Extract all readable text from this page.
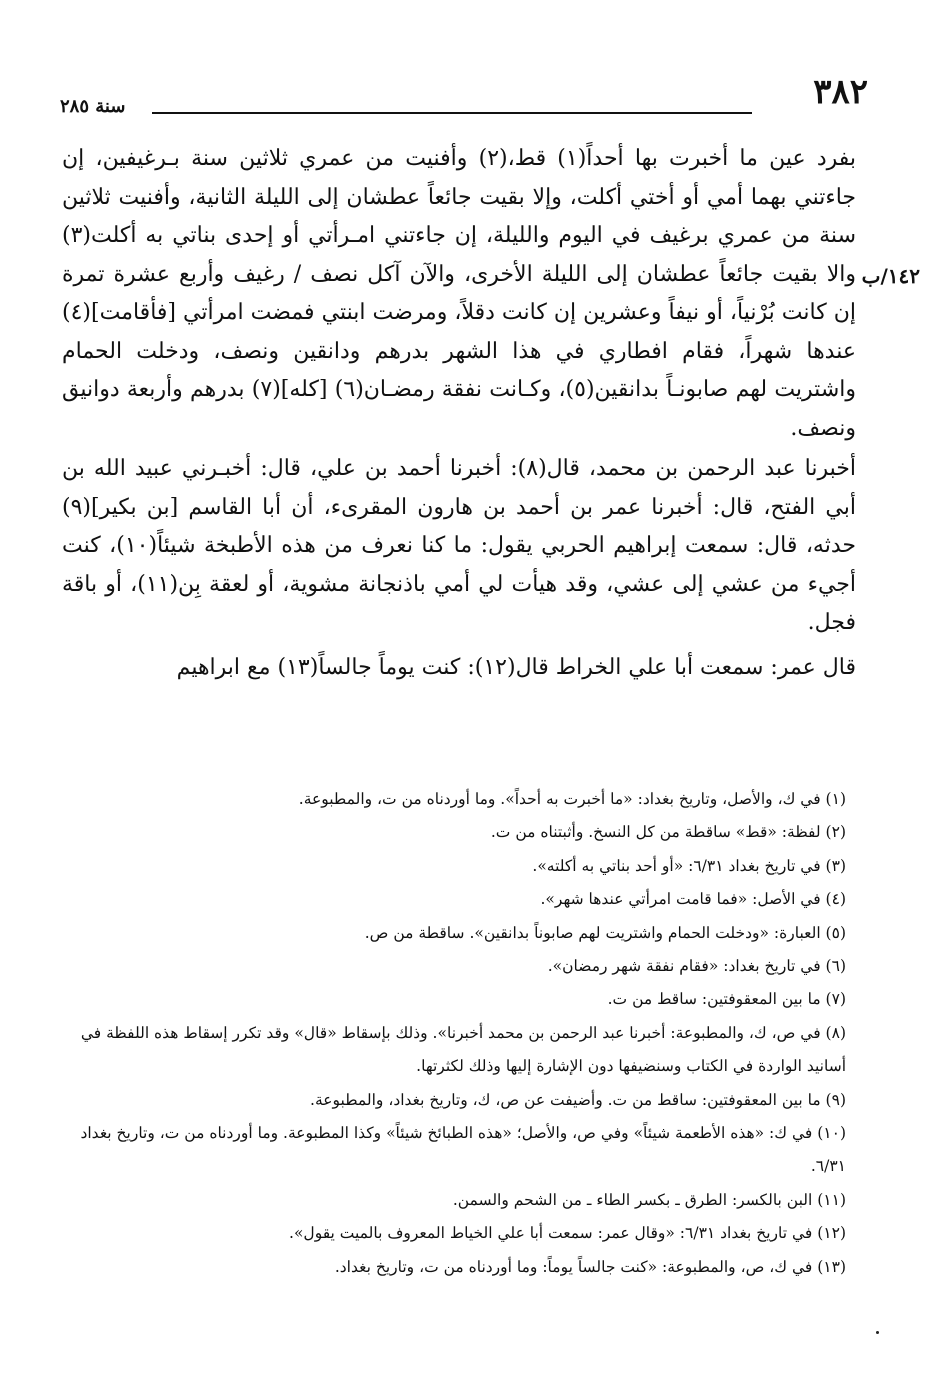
٣٨٢
سنة ٢٨٥
١٤٢/ب

بفرد عين ما أخبرت بها أحداً(١) قط،(٢) وأفنيت من عمري ثلاثين سنة بـرغيفين، إن جاءتني بهما أمي أو أختي أكلت، وإلا بقيت جائعاً عطشان إلى الليلة الثانية، وأفنيت ثلاثين سنة من عمري برغيف في اليوم والليلة، إن جاءتني امـرأتي أو إحدى بناتي به أكلت(٣) والا بقيت جائعاً عطشان إلى الليلة الأخرى، والآن آكل نصف / رغيف وأربع عشرة تمرة إن كانت بُرْنياً، أو نيفاً وعشرين إن كانت دقلاً، ومرضت ابنتي فمضت امرأتي [فأقامت](٤) عندها شهراً، فقام افطاري في هذا الشهر بدرهم ودانقين ونصف، ودخلت الحمام واشتريت لهم صابونـاً بدانقين(٥)، وكـانت نفقة رمضـان(٦) [كله](٧) بدرهم وأربعة دوانيق ونصف.

أخبرنا عبد الرحمن بن محمد، قال(٨): أخبرنا أحمد بن علي، قال: أخبـرني عبيد الله بن أبي الفتح، قال: أخبرنا عمر بن أحمد بن هارون المقرىء، أن أبا القاسم [بن بكير](٩) حدثه، قال: سمعت إبراهيم الحربي يقول: ما كنا نعرف من هذه الأطبخة شيئاً(١٠)، كنت أجيء من عشي إلى عشي، وقد هيأت لي أمي باذنجانة مشوية، أو لعقة بِن(١١)، أو باقة فجل.

قال عمر: سمعت أبا علي الخراط قال(١٢): كنت يوماً جالساً(١٣) مع ابراهيم

(١) في ك، والأصل، وتاريخ بغداد: «ما أخبرت به أحداً». وما أوردناه من ت، والمطبوعة.

(٢) لفظة: «قط» ساقطة من كل النسخ. وأثبتناه من ت.

(٣) في تاريخ بغداد ٦/٣١: «أو أحد بناتي به أكلته».

(٤) في الأصل: «فما قامت امرأتي عندها شهر».

(٥) العبارة: «ودخلت الحمام واشتريت لهم صابوناً بدانقين». ساقطة من ص.

(٦) في تاريخ بغداد: «فقام نفقة شهر رمضان».

(٧) ما بين المعقوفتين: ساقط من ت.

(٨) في ص، ك، والمطبوعة: أخبرنا عبد الرحمن بن محمد أخبرنا». وذلك بإسقاط «قال» وقد تكرر إسقاط هذه اللفظة في أسانيد الواردة في الكتاب وسنضيفها دون الإشارة إليها وذلك لكثرتها.

(٩) ما بين المعقوفتين: ساقط من ت. وأضيفت عن ص، ك، وتاريخ بغداد، والمطبوعة.

(١٠) في ك: «هذه الأطعمة شيئاً» وفي ص، والأصل؛ «هذه الطبائخ شيئاً» وكذا المطبوعة. وما أوردناه من ت، وتاريخ بغداد ٦/٣١.

(١١) البن بالكسر: الطرق ـ بكسر الطاء ـ من الشحم والسمن.

(١٢) في تاريخ بغداد ٦/٣١: «وقال عمر: سمعت أبا علي الخياط المعروف بالميت يقول».

(١٣) في ك، ص، والمطبوعة: «كنت جالساً يوماً: وما أوردناه من ت، وتاريخ بغداد.
